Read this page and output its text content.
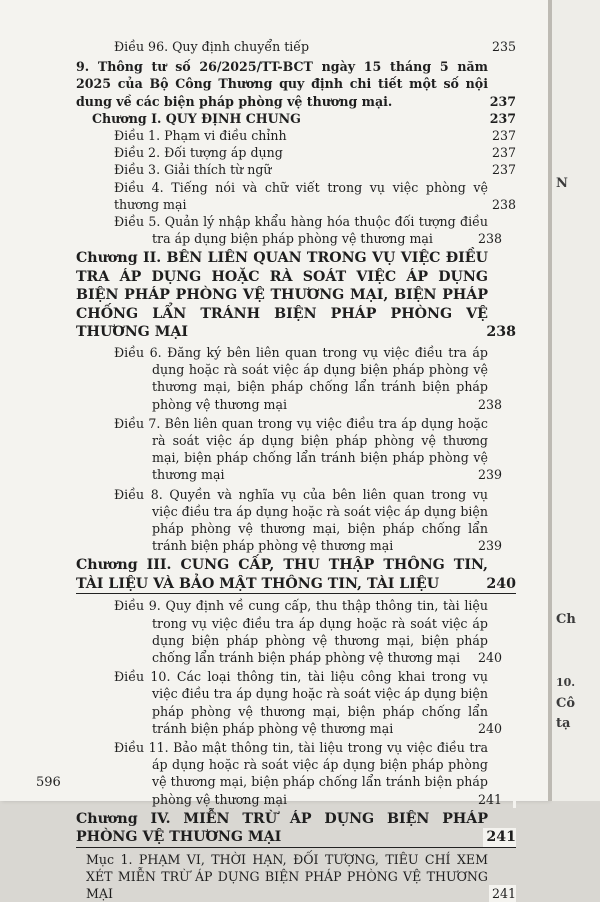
Điều 96. Quy định chuyển tiếp	235
9. Thông tư số 26/2025/TT-BCT ngày 15 tháng 5 năm 2025 của Bộ Công Thương quy định chi tiết một số nội dung về các biện pháp phòng vệ thương mại.	237
Chương I. QUY ĐỊNH CHUNG	237
Điều 1. Phạm vi điều chỉnh	237
Điều 2. Đối tượng áp dụng	237
Điều 3. Giải thích từ ngữ	237
Điều 4. Tiếng nói và chữ viết trong vụ việc phòng vệ thương mại	238
Điều 5. Quản lý nhập khẩu hàng hóa thuộc đối tượng điều tra áp dụng biện pháp phòng vệ thương mại	238
Chương II. BÊN LIÊN QUAN TRONG VỤ VIỆC ĐIỀU TRA ÁP DỤNG HOẶC RÀ SOÁT VIỆC ÁP DỤNG BIỆN PHÁP PHÒNG VỆ THƯƠNG MẠI, BIỆN PHÁP CHỐNG LẨN TRÁNH BIỆN PHÁP PHÒNG VỆ THƯƠNG MẠI	238
Điều 6. Đăng ký bên liên quan trong vụ việc điều tra áp dụng hoặc rà soát việc áp dụng biện pháp phòng vệ thương mại, biện pháp chống lẩn tránh biện pháp phòng vệ thương mại	238
Điều 7. Bên liên quan trong vụ việc điều tra áp dụng hoặc rà soát việc áp dụng biện pháp phòng vệ thương mại, biện pháp chống lẩn tránh biện pháp phòng vệ thương mại	239
Điều 8. Quyền và nghĩa vụ của bên liên quan trong vụ việc điều tra áp dụng hoặc rà soát việc áp dụng biện pháp phòng vệ thương mại, biện pháp chống lẩn tránh biện pháp phòng vệ thương mại	239
Chương III. CUNG CẤP, THU THẬP THÔNG TIN, TÀI LIỆU VÀ BẢO MẬT THÔNG TIN, TÀI LIỆU	240
Điều 9. Quy định về cung cấp, thu thập thông tin, tài liệu trong vụ việc điều tra áp dụng hoặc rà soát việc áp dụng biện pháp phòng vệ thương mại, biện pháp chống lẩn tránh biện pháp phòng vệ thương mại	240
Điều 10. Các loại thông tin, tài liệu công khai trong vụ việc điều tra áp dụng hoặc rà soát việc áp dụng biện pháp phòng vệ thương mại, biện pháp chống lẩn tránh biện pháp phòng vệ thương mại	240
Điều 11. Bảo mật thông tin, tài liệu trong vụ việc điều tra áp dụng hoặc rà soát việc áp dụng biện pháp phòng vệ thương mại, biện pháp chống lẩn tránh biện pháp phòng vệ thương mại	241
Chương IV. MIỄN TRỪ ÁP DỤNG BIỆN PHÁP PHÒNG VỆ THƯƠNG MẠI	241
Mục 1. PHẠM VI, THỜI HẠN, ĐỐI TƯỢNG, TIÊU CHÍ XEM XÉT MIỄN TRỪ ÁP DỤNG BIỆN PHÁP PHÒNG VỆ THƯƠNG MẠI	241
596
N
Ch
10.
Cô
tạ
